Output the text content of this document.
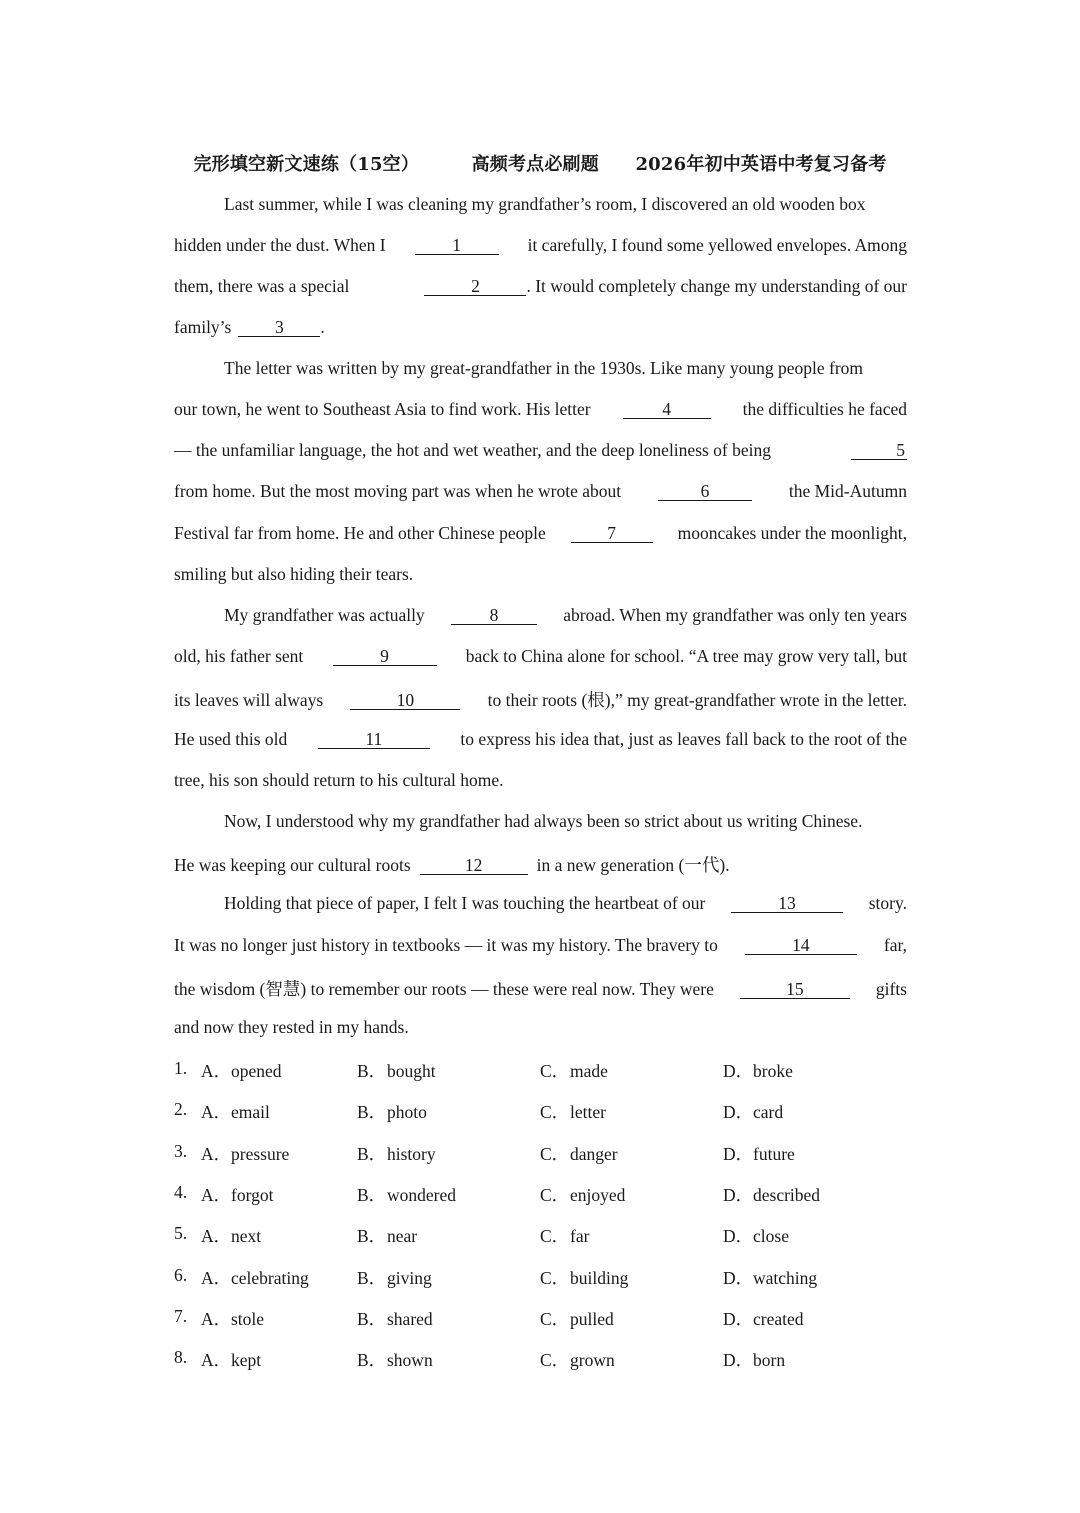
完形填空新文速练（15空）	高频考点必刷题 2026年初中英语中考复习备考
Last summer, while I was cleaning my grandfather’s room, I discovered an old wooden box
hidden under the dust. When I	1	it carefully, I found some yellowed envelopes. Among
them, there was a special	2	. It would completely change my understanding of our
family’s	3	.
The letter was written by my great-grandfather in the 1930s. Like many young people from
our town, he went to Southeast Asia to find work. His letter	4	the difficulties he faced
— the unfamiliar language, the hot and wet weather, and the deep loneliness of being	5
from home. But the most moving part was when he wrote about	6	the Mid-Autumn
Festival far from home. He and other Chinese people	7	mooncakes under the moonlight,
smiling but also hiding their tears.
My grandfather was actually	8	abroad. When my grandfather was only ten years
old, his father sent	9	back to China alone for school. “A tree may grow very tall, but
its leaves will always	10	to their roots (根),” my great-grandfather wrote in the letter.
He used this old	11	to express his idea that, just as leaves fall back to the root of the
tree, his son should return to his cultural home.
Now, I understood why my grandfather had always been so strict about us writing Chinese.
He was keeping our cultural roots	12	in a new generation (一代).
Holding that piece of paper, I felt I was touching the heartbeat of our	13	story.
It was no longer just history in textbooks — it was my history. The bravery to	14	far,
the wisdom (智慧) to remember our roots — these were real now. They were	15	gifts
and now they rested in my hands.
1. A．opened	B．bought	C．made	D．broke
2. A．email	B．photo	C．letter	D．card
3. A．pressure	B．history	C．danger	D．future
4. A．forgot	B．wondered	C．enjoyed	D．described
5. A．next	B．near	C．far	D．close
6. A．celebrating	B．giving	C．building	D．watching
7. A．stole	B．shared	C．pulled	D．created
8. A．kept	B．shown	C．grown	D．born
